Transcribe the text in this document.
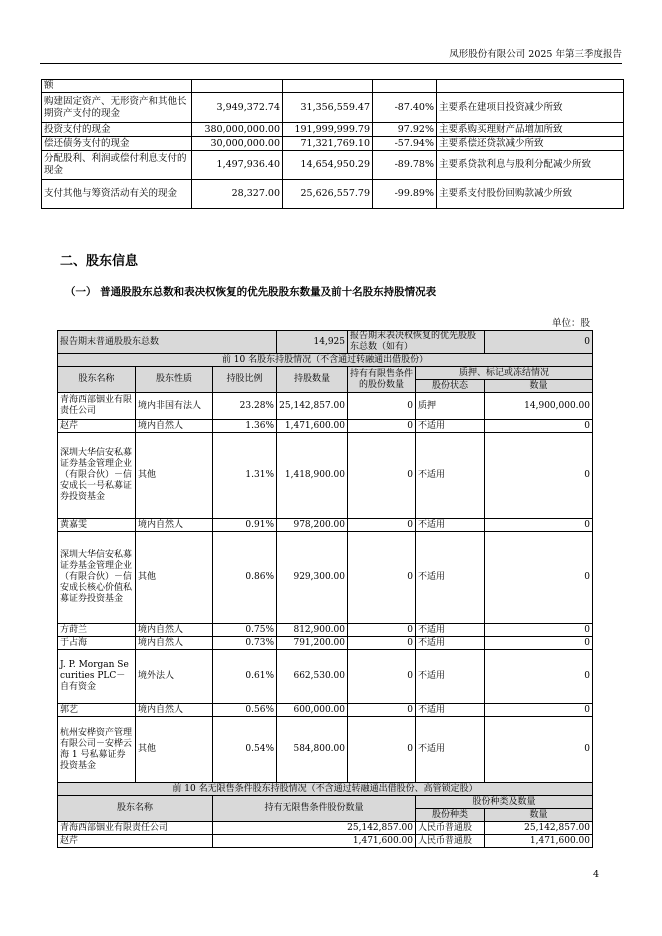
凤形股份有限公司 2025 年第三季度报告
额				
购建固定资产、无形资产和其他长期资产支付的现金	3,949,372.74	31,356,559.47	-87.40%	主要系在建项目投资减少所致
投资支付的现金	380,000,000.00	191,999,999.79	97.92%	主要系购买理财产品增加所致
偿还债务支付的现金	30,000,000.00	71,321,769.10	-57.94%	主要系偿还贷款减少所致
分配股利、利润或偿付利息支付的现金	1,497,936.40	14,654,950.29	-89.78%	主要系贷款利息与股利分配减少所致
支付其他与筹资活动有关的现金	28,327.00	25,626,557.79	-99.89%	主要系支付股份回购款减少所致
二、股东信息
（一） 普通股股东总数和表决权恢复的优先股股东数量及前十名股东持股情况表
单位：股
报告期末普通股股东总数			14,925	报告期末表决权恢复的优先股股东总数（如有）		0
前 10 名股东持股情况（不含通过转融通出借股份）						
股东名称	股东性质	持股比例	持股数量	持有有限售条件的股份数量	质押、标记或冻结情况	
					股份状态	数量
青海西部铟业有限责任公司	境内非国有法人	23.28%	25,142,857.00	0	质押	14,900,000.00
赵芹	境内自然人	1.36%	1,471,600.00	0	不适用	0
深圳大华信安私募证券基金管理企业（有限合伙）－信安成长一号私募证券投资基金	其他	1.31%	1,418,900.00	0	不适用	0
黄嘉雯	境内自然人	0.91%	978,200.00	0	不适用	0
深圳大华信安私募证券基金管理企业（有限合伙）－信安成长核心价值私募证券投资基金	其他	0.86%	929,300.00	0	不适用	0
方莳兰	境内自然人	0.75%	812,900.00	0	不适用	0
于占海	境内自然人	0.73%	791,200.00	0	不适用	0
J. P. Morgan Securities PLC－自有资金	境外法人	0.61%	662,530.00	0	不适用	0
郭艺	境内自然人	0.56%	600,000.00	0	不适用	0
杭州安桦资产管理有限公司－安桦云海 1 号私募证券投资基金	其他	0.54%	584,800.00	0	不适用	0
前 10 名无限售条件股东持股情况（不含通过转融通出借股份、高管锁定股）						
股东名称		持有无限售条件股份数量			股份种类及数量	
					股份种类	数量
青海西部铟业有限责任公司		25,142,857.00			人民币普通股	25,142,857.00
赵芹		1,471,600.00			人民币普通股	1,471,600.00
4
